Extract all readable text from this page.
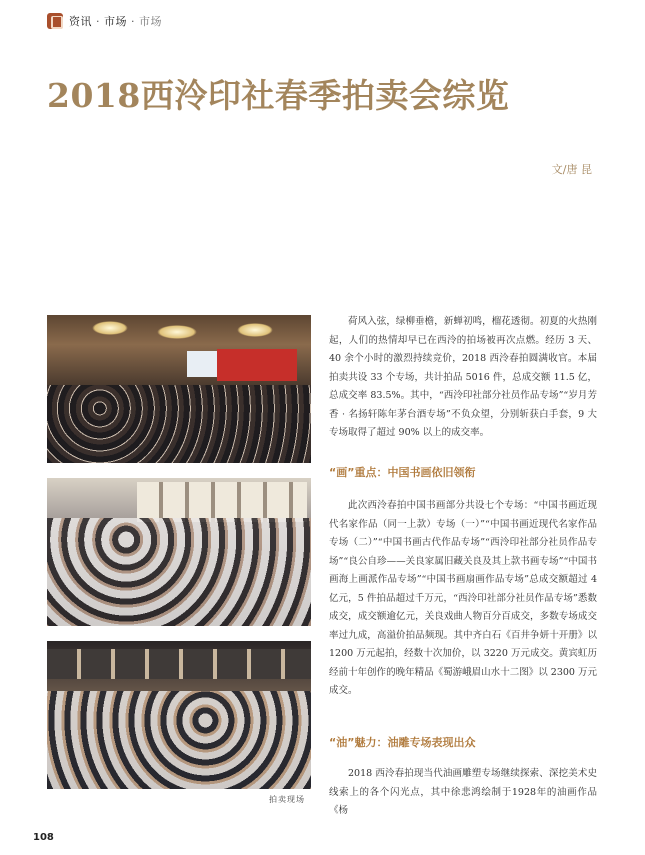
资讯 · 市场 · 市场
2018西泠印社春季拍卖会综览
文/唐 昆
拍卖现场

荷风入弦，绿柳垂檐，新蝉初鸣，榴花透彻。初夏的火热刚起，人们的热情却早已在西泠的拍场被再次点燃。经历 3 天、40 余个小时的激烈持续竞价，2018 西泠春拍圆满收官。本届拍卖共设 33 个专场，共计拍品 5016 件，总成交额 11.5 亿，总成交率 83.5%。其中，“西泠印社部分社员作品专场”“岁月芳香 · 名扬轩陈年茅台酒专场”不负众望，分别斩获白手套，9 大专场取得了超过 90% 以上的成交率。

“画”重点：中国书画依旧领衔

此次西泠春拍中国书画部分共设七个专场：“中国书画近现代名家作品（同一上款）专场（一）”“中国书画近现代名家作品专场（二）”“中国书画古代作品专场”“西泠印社部分社员作品专场”“良公自珍——关良家属旧藏关良及其上款书画专场”“中国书画海上画派作品专场”“中国书画扇画作品专场”总成交额超过 4 亿元，5 件拍品超过千万元，“西泠印社部分社员作品专场”悉数成交，成交额逾亿元，关良戏曲人物百分百成交，多数专场成交率过九成，高溢价拍品频现。其中齐白石《百井争妍十开册》以 1200 万元起拍，经数十次加价，以 3220 万元成交。黄宾虹历经前十年创作的晚年精品《蜀游峨眉山水十二图》以 2300 万元成交。

“油”魅力：油雕专场表现出众

2018 西泠春拍现当代油画雕塑专场继续探索、深挖美术史线索上的各个闪光点，其中徐悲鸿绘制于1928年的油画作品《杨

108
